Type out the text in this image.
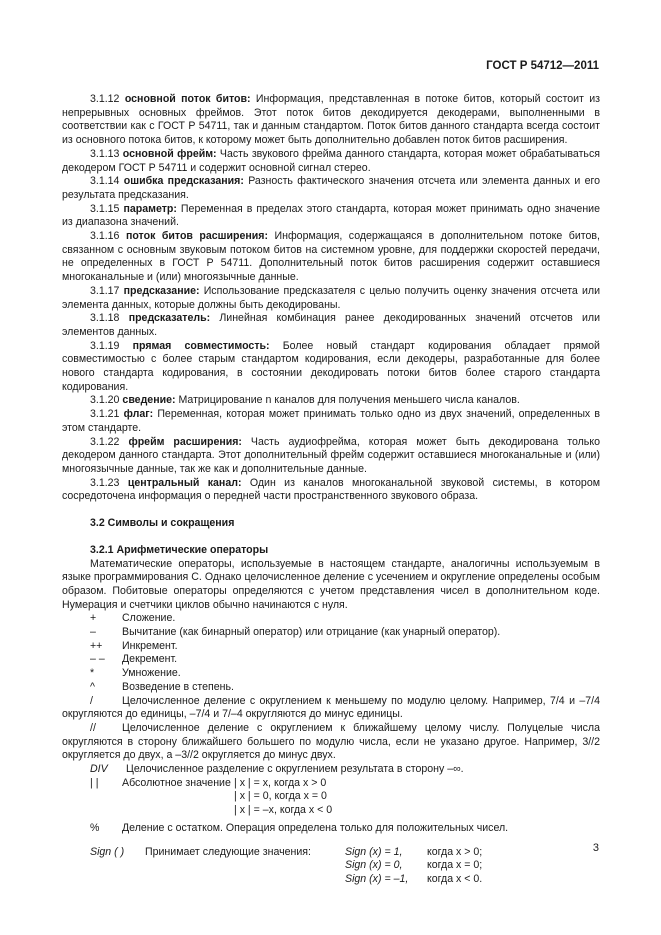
ГОСТ Р 54712—2011

3.1.12 основной поток битов: Информация, представленная в потоке битов, который состоит из непрерывных основных фреймов. Этот поток битов декодируется декодерами, выполненными в соответствии как с ГОСТ Р 54711, так и данным стандартом. Поток битов данного стандарта всегда состоит из основного потока битов, к которому может быть дополнительно добавлен поток битов расширения.

3.1.13 основной фрейм: Часть звукового фрейма данного стандарта, которая может обрабатываться декодером ГОСТ Р 54711 и содержит основной сигнал стерео.

3.1.14 ошибка предсказания: Разность фактического значения отсчета или элемента данных и его результата предсказания.

3.1.15 параметр: Переменная в пределах этого стандарта, которая может принимать одно значение из диапазона значений.

3.1.16 поток битов расширения: Информация, содержащаяся в дополнительном потоке битов, связанном с основным звуковым потоком битов на системном уровне, для поддержки скоростей передачи, не определенных в ГОСТ Р 54711. Дополнительный поток битов расширения содержит оставшиеся многоканальные и (или) многоязычные данные.

3.1.17 предсказание: Использование предсказателя с целью получить оценку значения отсчета или элемента данных, которые должны быть декодированы.

3.1.18 предсказатель: Линейная комбинация ранее декодированных значений отсчетов или элементов данных.

3.1.19 прямая совместимость: Более новый стандарт кодирования обладает прямой совместимостью с более старым стандартом кодирования, если декодеры, разработанные для более нового стандарта кодирования, в состоянии декодировать потоки битов более старого стандарта кодирования.

3.1.20 сведение: Матрицирование n каналов для получения меньшего числа каналов.

3.1.21 флаг: Переменная, которая может принимать только одно из двух значений, определенных в этом стандарте.

3.1.22 фрейм расширения: Часть аудиофрейма, которая может быть декодирована только декодером данного стандарта. Этот дополнительный фрейм содержит оставшиеся многоканальные и (или) многоязычные данные, так же как и дополнительные данные.

3.1.23 центральный канал: Один из каналов многоканальной звуковой системы, в котором сосредоточена информация о передней части пространственного звукового образа.

3.2 Символы и сокращения
3.2.1 Арифметические операторы

Математические операторы, используемые в настоящем стандарте, аналогичны используемым в языке программирования С. Однако целочисленное деление с усечением и округление определены особым образом. Побитовые операторы определяются с учетом представления чисел в дополнительном коде. Нумерация и счетчики циклов обычно начинаются с нуля.

+ Сложение.

– Вычитание (как бинарный оператор) или отрицание (как унарный оператор).

++ Инкремент.

– – Декремент.

*	Умножение.

^	Возведение в степень.

/	Целочисленное деление с округлением к меньшему по модулю целому. Например, 7/4 и –7/4 округляются до единицы, –7/4 и 7/–4 округляются до минус единицы.

// Целочисленное деление с округлением к ближайшему целому числу. Полуцелые числа округляются в сторону ближайшего большего по модулю числа, если не указано другое. Например, 3//2 округляется до двух, а –3//2 округляется до минус двух.

DIV Целочисленное разделение с округлением результата в сторону –∞.

| |	Абсолютное значение | x | = x, когда x > 0
| x | = 0, когда x = 0
| x | = –x, когда x < 0

% Деление с остатком. Операция определена только для положительных чисел.

Sign ( )	Принимает следующие значения:	Sign (x) = 1,	когда x > 0;
Sign (x) = 0,	когда x = 0;
Sign (x) = –1,	когда x < 0.
3
